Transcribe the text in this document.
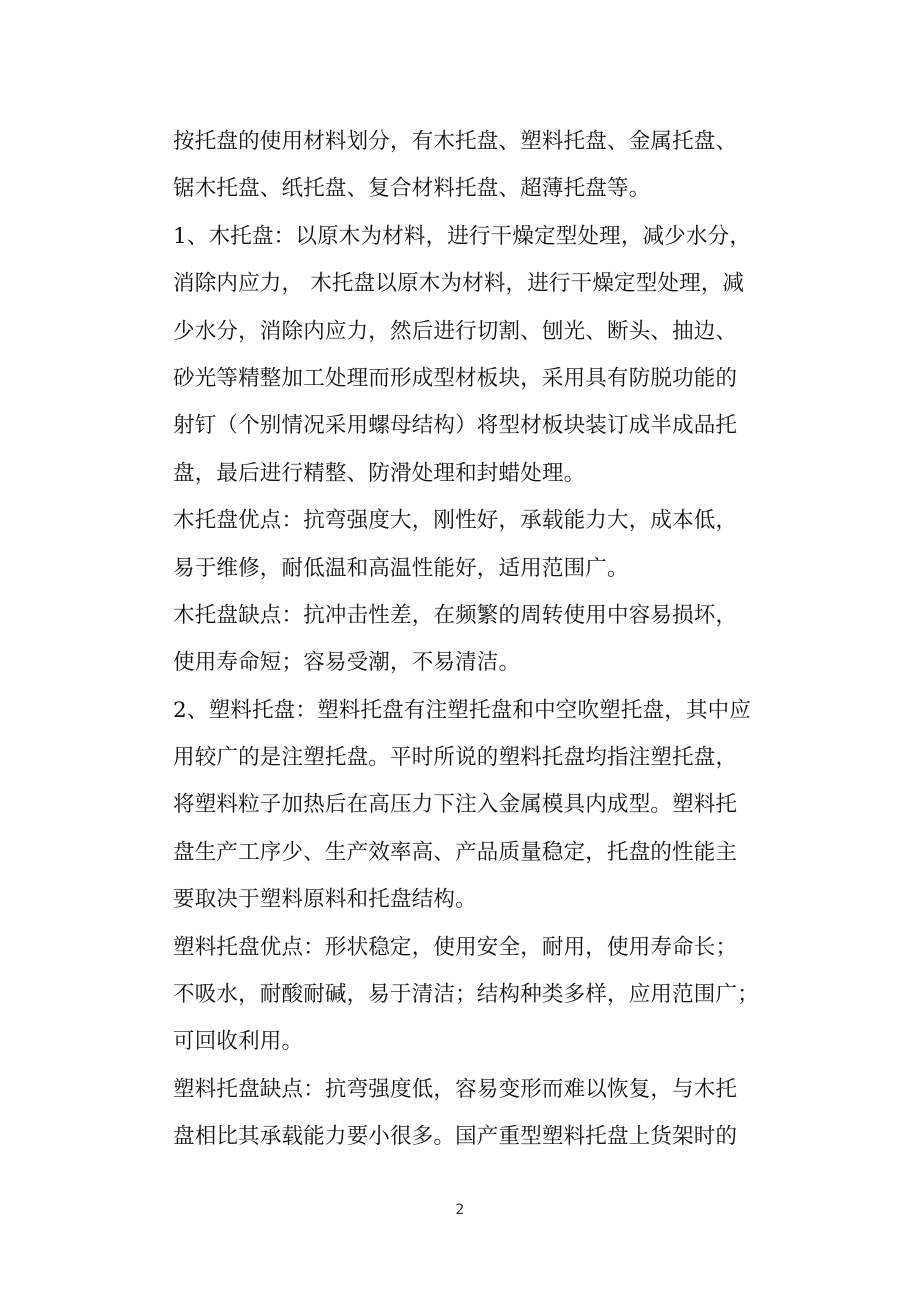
按托盘的使用材料划分，有木托盘、塑料托盘、金属托盘、
锯木托盘、纸托盘、复合材料托盘、超薄托盘等。
1、木托盘：以原木为材料，进行干燥定型处理，减少水分，
消除内应力， 木托盘以原木为材料，进行干燥定型处理，减
少水分，消除内应力，然后进行切割、刨光、断头、抽边、
砂光等精整加工处理而形成型材板块，采用具有防脱功能的
射钉（个别情况采用螺母结构）将型材板块装订成半成品托
盘，最后进行精整、防滑处理和封蜡处理。
木托盘优点：抗弯强度大，刚性好，承载能力大，成本低，
易于维修，耐低温和高温性能好，适用范围广。
木托盘缺点：抗冲击性差，在频繁的周转使用中容易损坏，
使用寿命短；容易受潮，不易清洁。
2、塑料托盘：塑料托盘有注塑托盘和中空吹塑托盘，其中应
用较广的是注塑托盘。平时所说的塑料托盘均指注塑托盘，
将塑料粒子加热后在高压力下注入金属模具内成型。塑料托
盘生产工序少、生产效率高、产品质量稳定，托盘的性能主
要取决于塑料原料和托盘结构。
塑料托盘优点：形状稳定，使用安全，耐用，使用寿命长；
不吸水，耐酸耐碱，易于清洁；结构种类多样，应用范围广；
可回收利用。
塑料托盘缺点：抗弯强度低，容易变形而难以恢复，与木托
盘相比其承载能力要小很多。国产重型塑料托盘上货架时的
2
